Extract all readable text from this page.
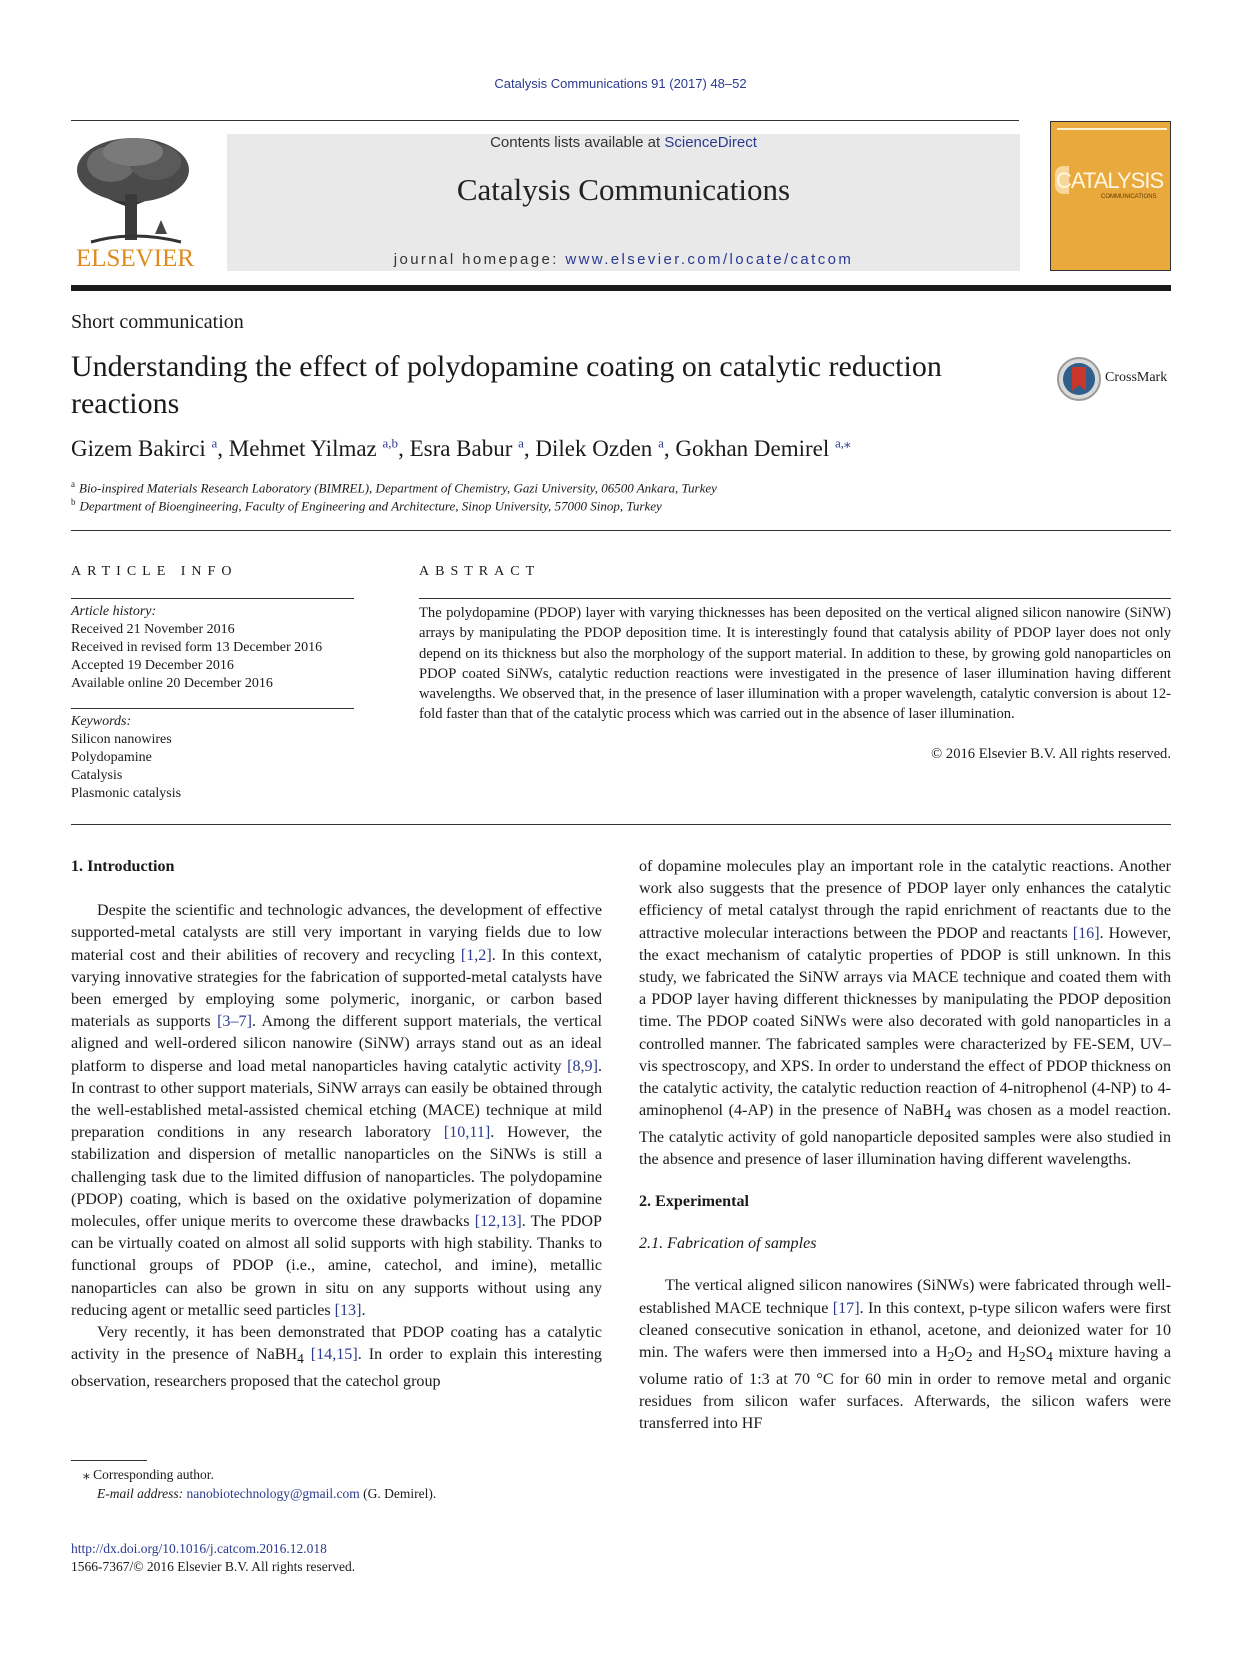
Catalysis Communications 91 (2017) 48–52
ELSEVIER
Contents lists available at ScienceDirect
Catalysis Communications
journal homepage: www.elsevier.com/locate/catcom
CATALYSIS
COMMUNICATIONS
Short communication
Understanding the effect of polydopamine coating on catalytic reduction reactions
CrossMark
Gizem Bakirci $^a$, Mehmet Yilmaz $^{a,b}$, Esra Babur $^a$, Dilek Ozden $^a$, Gokhan Demirel $^{a,⁎}$
$^a$ Bio-inspired Materials Research Laboratory (BIMREL), Department of Chemistry, Gazi University, 06500 Ankara, Turkey
$^b$ Department of Bioengineering, Faculty of Engineering and Architecture, Sinop University, 57000 Sinop, Turkey
ARTICLE INFO	ABSTRACT
Article history:
Received 21 November 2016
Received in revised form 13 December 2016
Accepted 19 December 2016
Available online 20 December 2016
Keywords:
Silicon nanowires
Polydopamine
Catalysis
Plasmonic catalysis
The polydopamine (PDOP) layer with varying thicknesses has been deposited on the vertical aligned silicon nanowire (SiNW) arrays by manipulating the PDOP deposition time. It is interestingly found that catalysis ability of PDOP layer does not only depend on its thickness but also the morphology of the support material. In addition to these, by growing gold nanoparticles on PDOP coated SiNWs, catalytic reduction reactions were investigated in the presence of laser illumination having different wavelengths. We observed that, in the presence of laser illumination with a proper wavelength, catalytic conversion is about 12-fold faster than that of the catalytic process which was carried out in the absence of laser illumination.
© 2016 Elsevier B.V. All rights reserved.

1. Introduction

Despite the scientific and technologic advances, the development of effective supported-metal catalysts are still very important in varying fields due to low material cost and their abilities of recovery and recycling [1,2]. In this context, varying innovative strategies for the fabrication of supported-metal catalysts have been emerged by employing some polymeric, inorganic, or carbon based materials as supports [3–7]. Among the different support materials, the vertical aligned and well-ordered silicon nanowire (SiNW) arrays stand out as an ideal platform to disperse and load metal nanoparticles having catalytic activity [8,9]. In contrast to other support materials, SiNW arrays can easily be obtained through the well-established metal-assisted chemical etching (MACE) technique at mild preparation conditions in any research laboratory [10,11]. However, the stabilization and dispersion of metallic nanoparticles on the SiNWs is still a challenging task due to the limited diffusion of nanoparticles. The polydopamine (PDOP) coating, which is based on the oxidative polymerization of dopamine molecules, offer unique merits to overcome these drawbacks [12,13]. The PDOP can be virtually coated on almost all solid supports with high stability. Thanks to functional groups of PDOP (i.e., amine, catechol, and imine), metallic nanoparticles can also be grown in situ on any supports without using any reducing agent or metallic seed particles [13].

Very recently, it has been demonstrated that PDOP coating has a catalytic activity in the presence of NaBH$_4$ [14,15]. In order to explain this interesting observation, researchers proposed that the catechol group

of dopamine molecules play an important role in the catalytic reactions. Another work also suggests that the presence of PDOP layer only enhances the catalytic efficiency of metal catalyst through the rapid enrichment of reactants due to the attractive molecular interactions between the PDOP and reactants [16]. However, the exact mechanism of catalytic properties of PDOP is still unknown. In this study, we fabricated the SiNW arrays via MACE technique and coated them with a PDOP layer having different thicknesses by manipulating the PDOP deposition time. The PDOP coated SiNWs were also decorated with gold nanoparticles in a controlled manner. The fabricated samples were characterized by FE-SEM, UV–vis spectroscopy, and XPS. In order to understand the effect of PDOP thickness on the catalytic activity, the catalytic reduction reaction of 4-nitrophenol (4-NP) to 4-aminophenol (4-AP) in the presence of NaBH$_4$ was chosen as a model reaction. The catalytic activity of gold nanoparticle deposited samples were also studied in the absence and presence of laser illumination having different wavelengths.

2. Experimental

2.1. Fabrication of samples

The vertical aligned silicon nanowires (SiNWs) were fabricated through well-established MACE technique [17]. In this context, p-type silicon wafers were first cleaned consecutive sonication in ethanol, acetone, and deionized water for 10 min. The wafers were then immersed into a $H_2O_2$ and $H_2SO_4$ mixture having a volume ratio of 1:3 at 70 °C for 60 min in order to remove metal and organic residues from silicon wafer surfaces. Afterwards, the silicon wafers were transferred into HF

⁎ Corresponding author.
E-mail address: nanobiotechnology@gmail.com (G. Demirel).
http://dx.doi.org/10.1016/j.catcom.2016.12.018
1566-7367/© 2016 Elsevier B.V. All rights reserved.
